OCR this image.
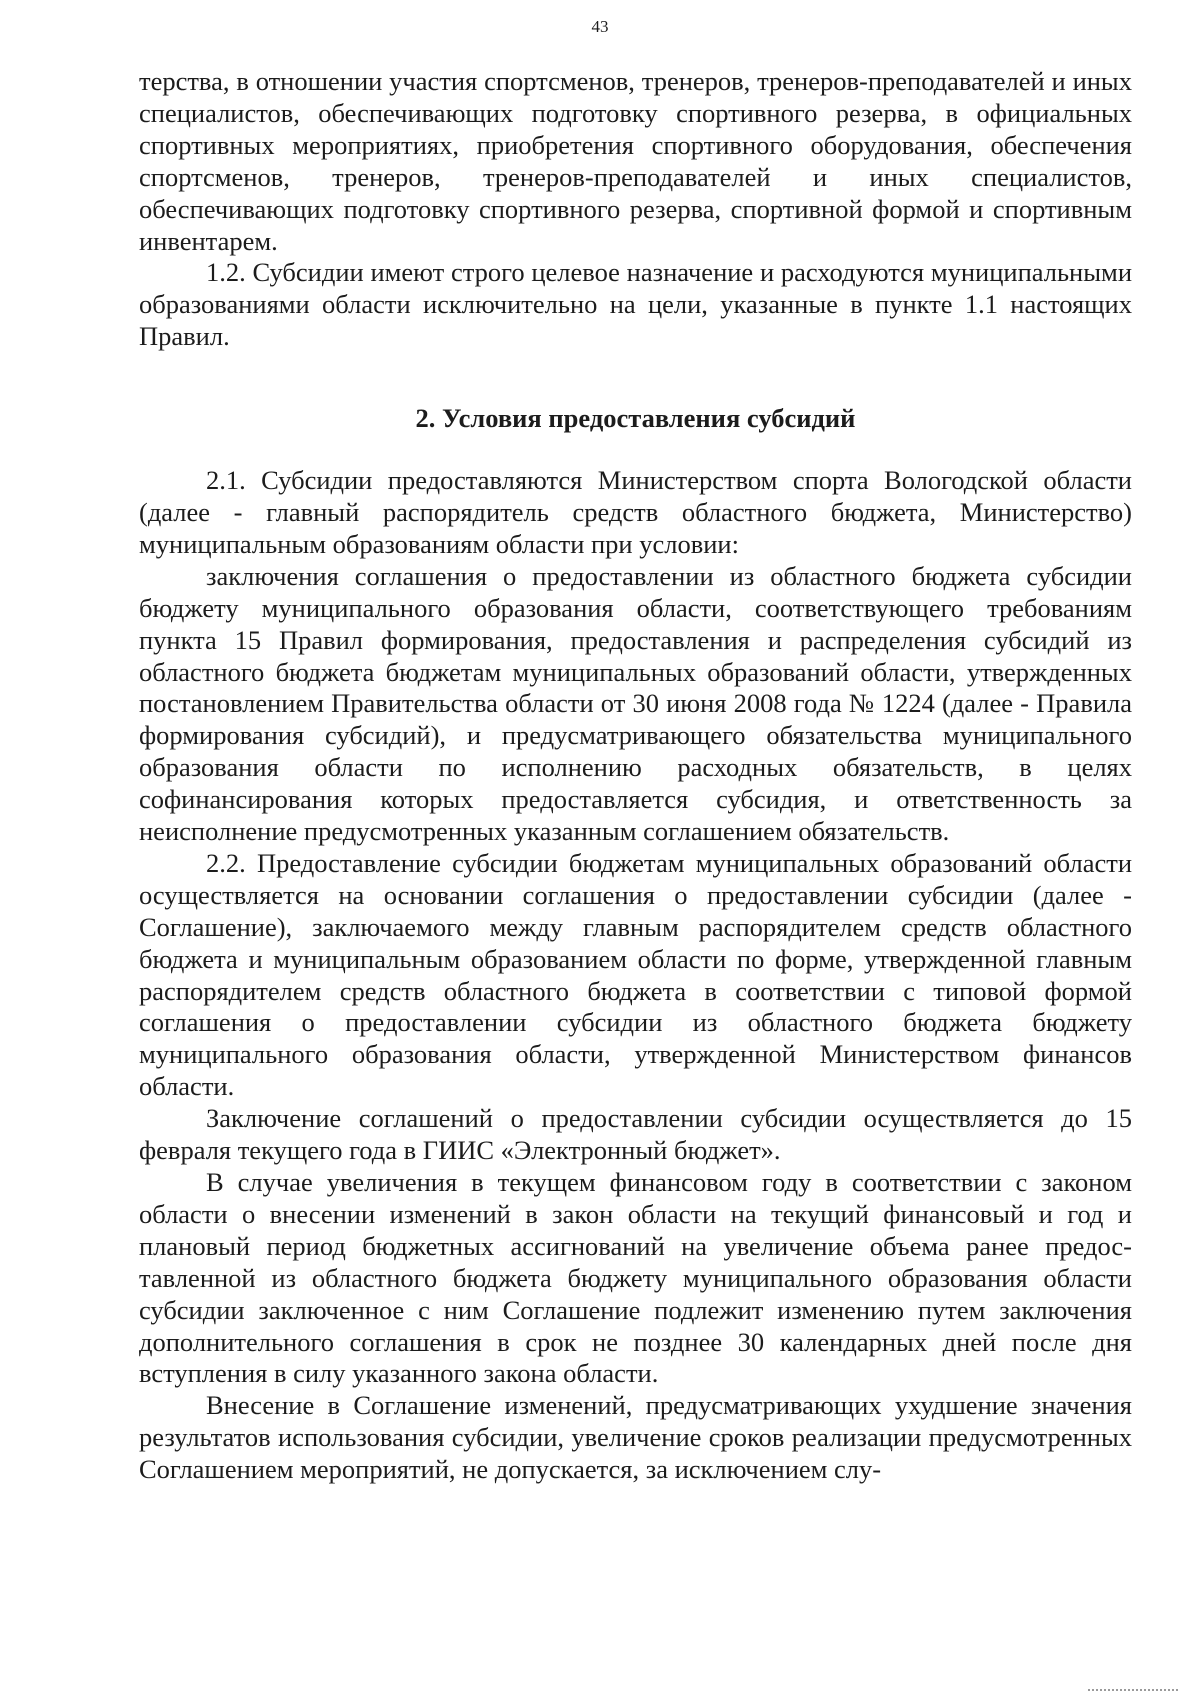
43

терства, в отношении участия спортсменов, тренеров, тренеров-преподавателей и иных специалистов, обеспечивающих подготовку спортивного резерва, в официальных спортивных мероприятиях, приобретения спортивного оборудования, обеспечения спортсменов, тренеров, тренеров-преподавателей и иных специалистов, обеспечивающих подготовку спортивного резерва, спортивной формой и спортивным инвентарем.

1.2. Субсидии имеют строго целевое назначение и расходуются муниципальными образованиями области исключительно на цели, указанные в пункте 1.1 настоящих Правил.

2. Условия предоставления субсидий

2.1. Субсидии предоставляются Министерством спорта Вологодской области (далее - главный распорядитель средств областного бюджета, Министерство) муниципальным образованиям области при условии:

заключения соглашения о предоставлении из областного бюджета субсидии бюджету муниципального образования области, соответствующего требованиям пункта 15 Правил формирования, предоставления и распределения субсидий из областного бюджета бюджетам муниципальных образований области, утвержденных постановлением Правительства области от 30 июня 2008 года № 1224 (далее - Правила формирования субсидий), и предусматривающего обязательства муниципального образования области по исполнению расходных обязательств, в целях софинансирования которых предоставляется субсидия, и ответственность за неисполнение предусмотренных указанным соглашением обязательств.

2.2. Предоставление субсидии бюджетам муниципальных образований области осуществляется на основании соглашения о предоставлении субсидии (далее - Соглашение), заключаемого между главным распорядителем средств областного бюджета и муниципальным образованием области по форме, утвержденной главным распорядителем средств областного бюджета в соответствии с типовой формой соглашения о предоставлении субсидии из областного бюджета бюджету муниципального образования области, утвержденной Министерством финансов области.

Заключение соглашений о предоставлении субсидии осуществляется до 15 февраля текущего года в ГИИС «Электронный бюджет».

В случае увеличения в текущем финансовом году в соответствии с законом области о внесении изменений в закон области на текущий финансовый и год и плановый период бюджетных ассигнований на увеличение объема ранее предоставленной из областного бюджета бюджету муниципального образования области субсидии заключенное с ним Соглашение подлежит изменению путем заключения дополнительного соглашения в срок не позднее 30 календарных дней после дня вступления в силу указанного закона области.

Внесение в Соглашение изменений, предусматривающих ухудшение значения результатов использования субсидии, увеличение сроков реализации предусмотренных Соглашением мероприятий, не допускается, за исключением слу-
